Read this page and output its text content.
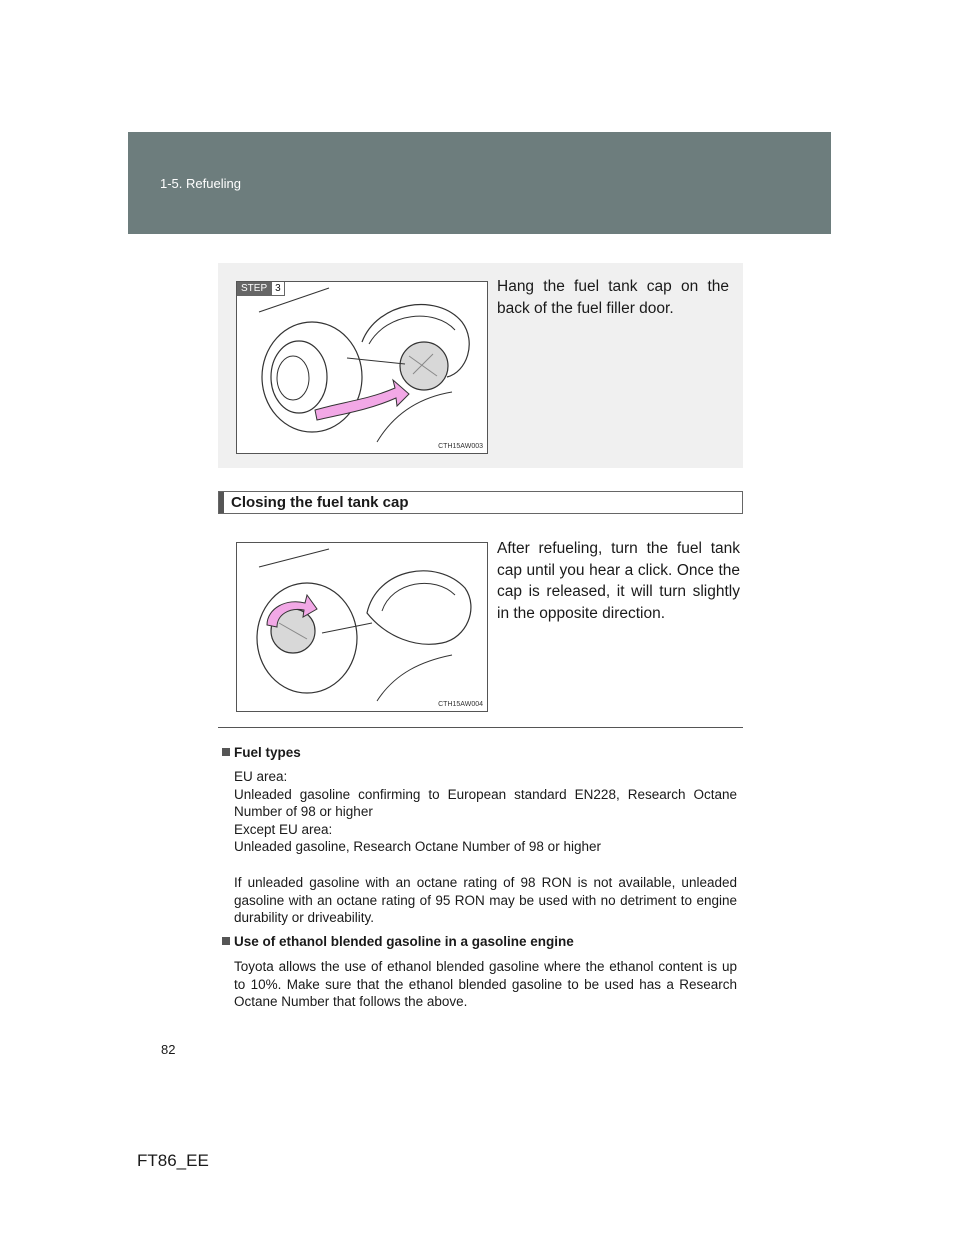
1-5. Refueling
STEP 3
CTH15AW003
Hang the fuel tank cap on the back of the fuel filler door.
Closing the fuel tank cap
CTH15AW004
After refueling, turn the fuel tank cap until you hear a click. Once the cap is released, it will turn slightly in the opposite direction.
Fuel types
EU area:
Unleaded gasoline confirming to European standard EN228, Research Octane Number of 98 or higher
Except EU area:
Unleaded gasoline, Research Octane Number of 98 or higher
If unleaded gasoline with an octane rating of 98 RON is not available, unleaded gasoline with an octane rating of 95 RON may be used with no detriment to engine durability or driveability.
Use of ethanol blended gasoline in a gasoline engine
Toyota allows the use of ethanol blended gasoline where the ethanol content is up to 10%. Make sure that the ethanol blended gasoline to be used has a Research Octane Number that follows the above.
82
FT86_EE
